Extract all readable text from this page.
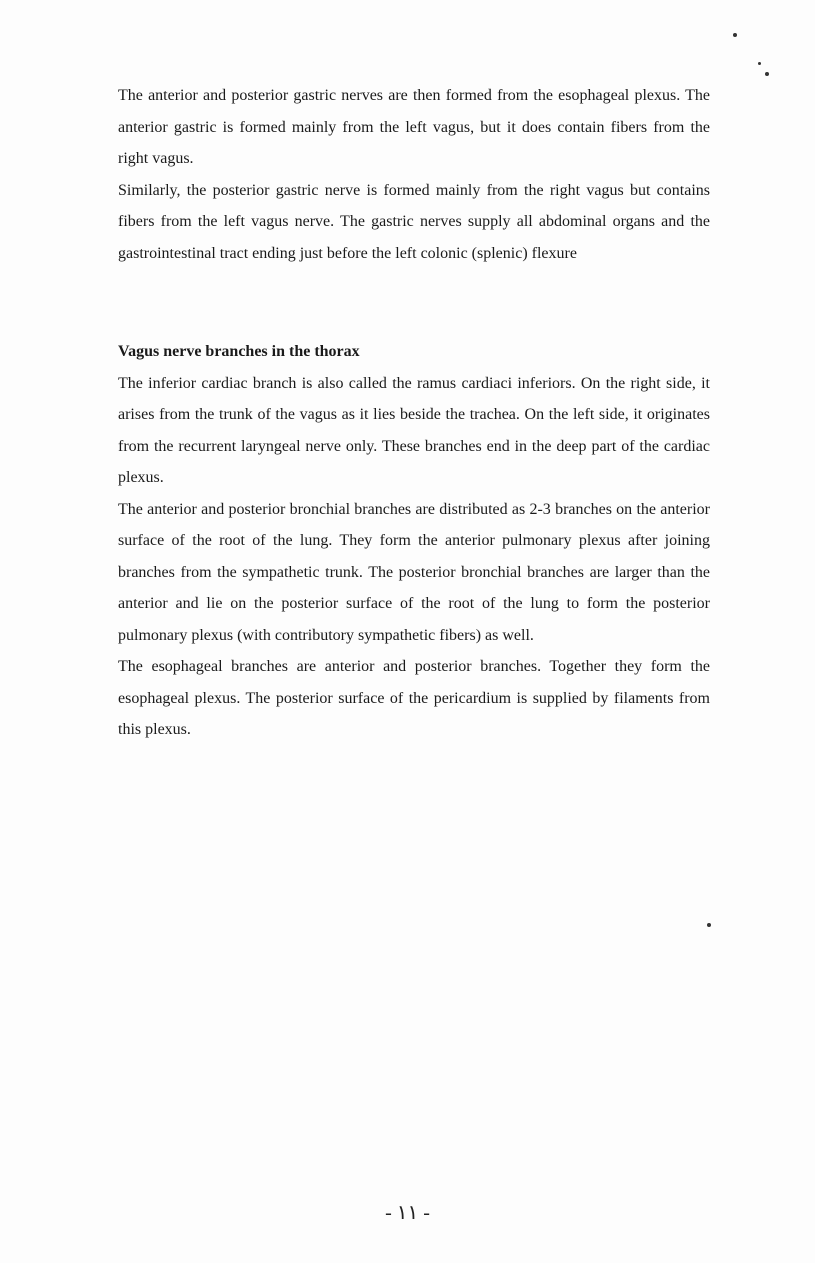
The anterior and posterior gastric nerves are then formed from the esophageal plexus. The anterior gastric is formed mainly from the left vagus, but it does contain fibers from the right vagus.

Similarly, the posterior gastric nerve is formed mainly from the right vagus but contains fibers from the left vagus nerve. The gastric nerves supply all abdominal organs and the gastrointestinal tract ending just before the left colonic (splenic) flexure

Vagus nerve branches in the thorax

The inferior cardiac branch is also called the ramus cardiaci inferiors. On the right side, it arises from the trunk of the vagus as it lies beside the trachea. On the left side, it originates from the recurrent laryngeal nerve only. These branches end in the deep part of the cardiac plexus.

The anterior and posterior bronchial branches are distributed as 2-3 branches on the anterior surface of the root of the lung. They form the anterior pulmonary plexus after joining branches from the sympathetic trunk. The posterior bronchial branches are larger than the anterior and lie on the posterior surface of the root of the lung to form the posterior pulmonary plexus (with contributory sympathetic fibers) as well.

The esophageal branches are anterior and posterior branches. Together they form the esophageal plexus. The posterior surface of the pericardium is supplied by filaments from this plexus.

- ١١ -
